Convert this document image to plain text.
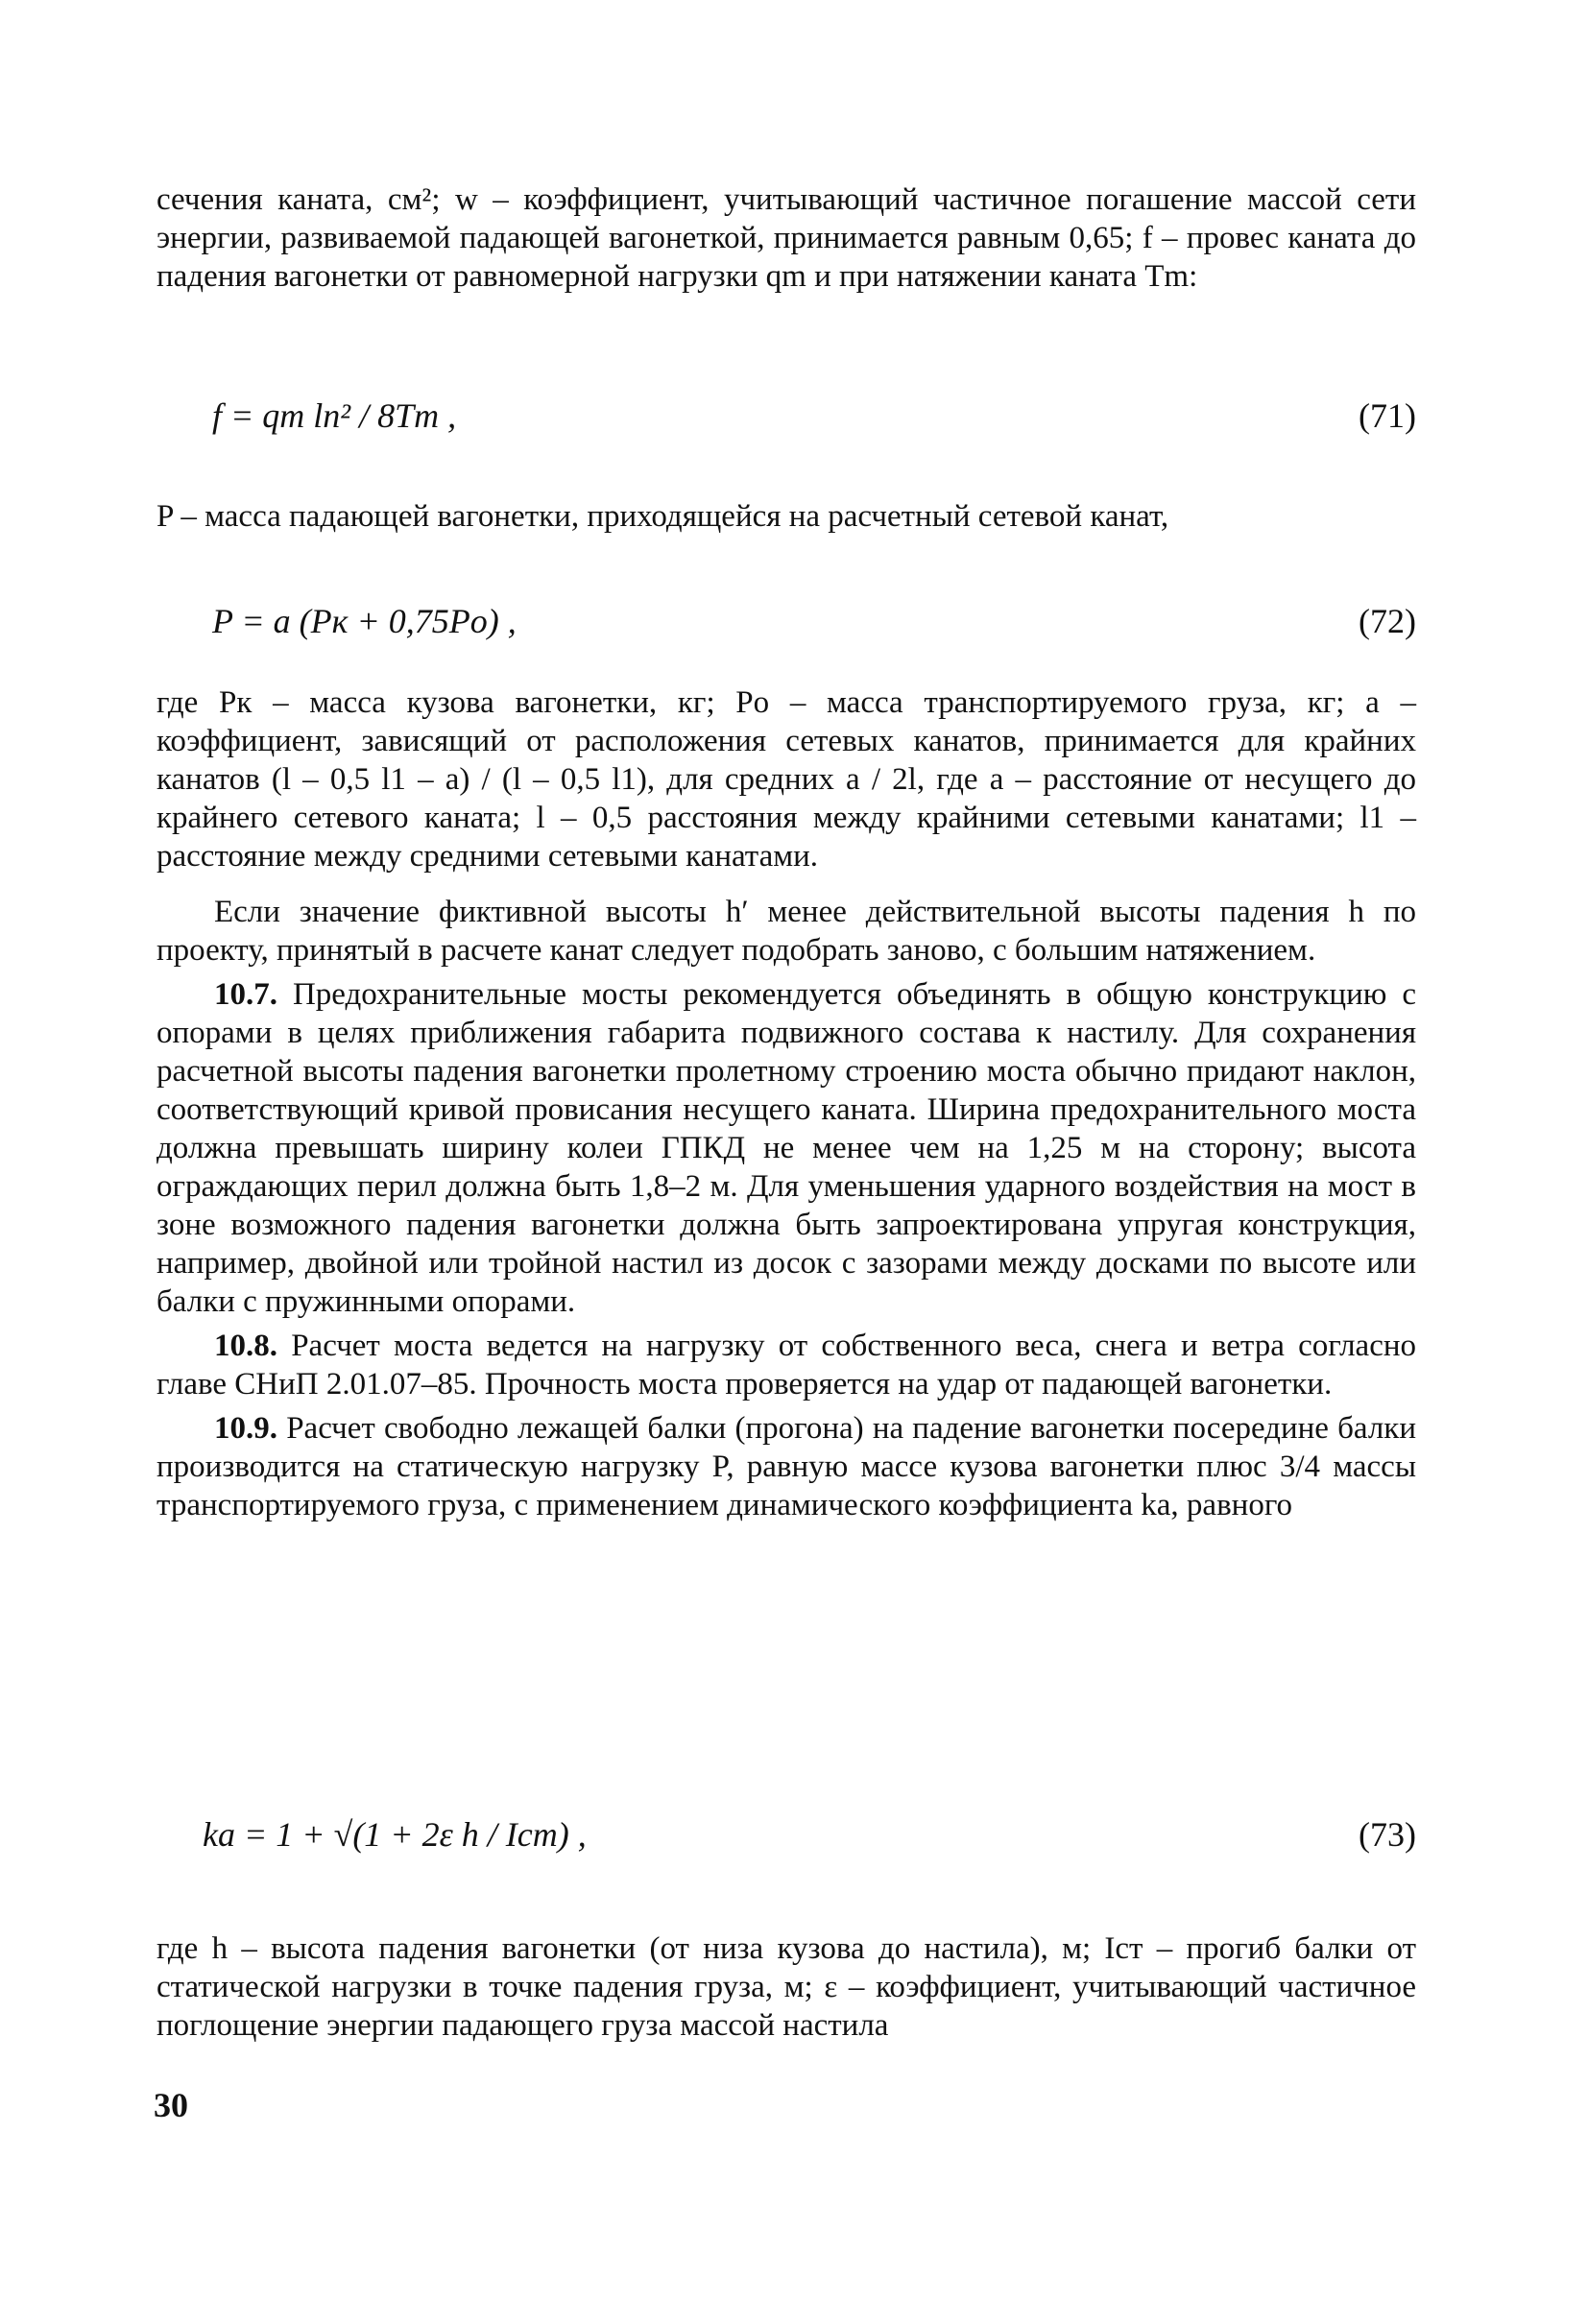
сечения каната, см²; w – коэффициент, учитывающий частичное погашение массой сети энергии, развиваемой падающей вагонеткой, принимается равным 0,65; f – провес каната до падения вагонетки от равномерной нагрузки qm и при натяжении каната Tm:

f = qm ln² / 8Tm ,	(71)

P – масса падающей вагонетки, приходящейся на расчетный сетевой канат,

P = a (Pк + 0,75Po) ,	(72)

где Pк – масса кузова вагонетки, кг; Po – масса транспортируемого груза, кг; a – коэффициент, зависящий от расположения сетевых канатов, принимается для крайних канатов (l – 0,5 l1 – a) / (l – 0,5 l1), для средних a / 2l, где a – расстояние от несущего до крайнего сетевого каната; l – 0,5 расстояния между крайними сетевыми канатами; l1 – расстояние между средними сетевыми канатами.

Если значение фиктивной высоты h′ менее действительной высоты падения h по проекту, принятый в расчете канат следует подобрать заново, с большим натяжением.

10.7. Предохранительные мосты рекомендуется объединять в общую конструкцию с опорами в целях приближения габарита подвижного состава к настилу. Для сохранения расчетной высоты падения вагонетки пролетному строению моста обычно придают наклон, соответствующий кривой провисания несущего каната. Ширина предохранительного моста должна превышать ширину колеи ГПКД не менее чем на 1,25 м на сторону; высота ограждающих перил должна быть 1,8–2 м. Для уменьшения ударного воздействия на мост в зоне возможного падения вагонетки должна быть запроектирована упругая конструкция, например, двойной или тройной настил из досок с зазорами между досками по высоте или балки с пружинными опорами.

10.8. Расчет моста ведется на нагрузку от собственного веса, снега и ветра согласно главе СНиП 2.01.07–85. Прочность моста проверяется на удар от падающей вагонетки.

10.9. Расчет свободно лежащей балки (прогона) на падение вагонетки посередине балки производится на статическую нагрузку P, равную массе кузова вагонетки плюс 3/4 массы транспортируемого груза, с применением динамического коэффициента kа, равного

kа = 1 + √(1 + 2ε h / Iст) ,	(73)

где h – высота падения вагонетки (от низа кузова до настила), м; Iст – прогиб балки от статической нагрузки в точке падения груза, м; ε – коэффициент, учитывающий частичное поглощение энергии падающего груза массой настила

30
